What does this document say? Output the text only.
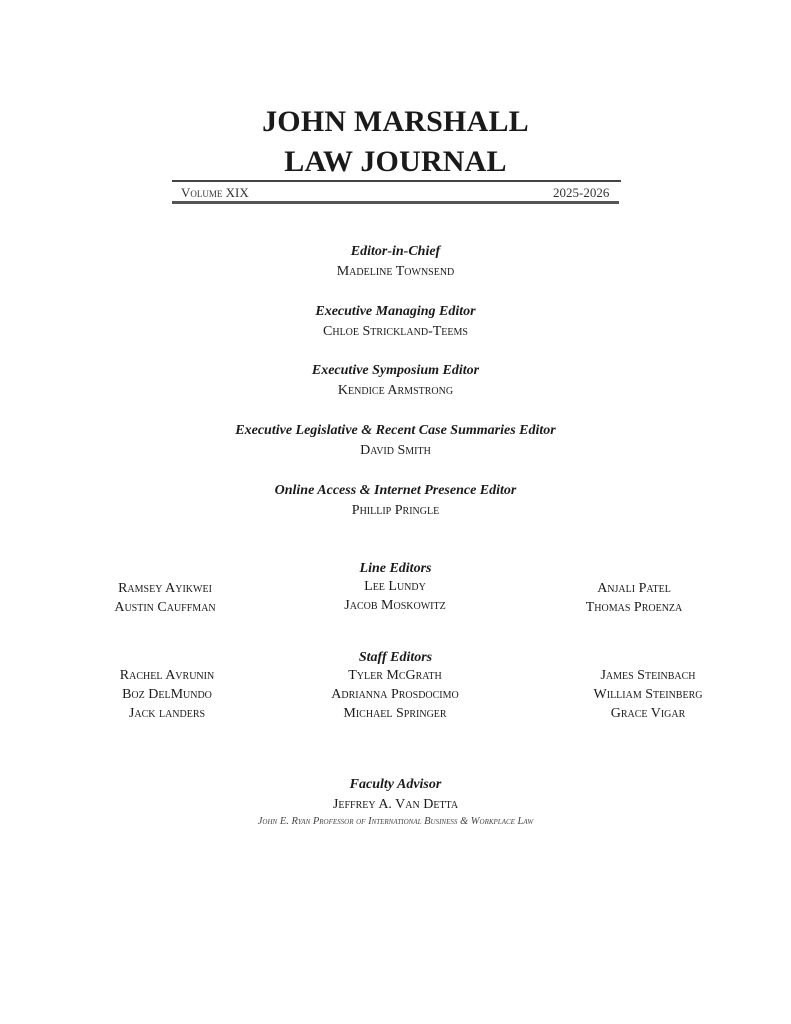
JOHN MARSHALL
LAW JOURNAL
Volume XIX	2025-2026
Editor-in-Chief
Madeline Townsend
Executive Managing Editor
Chloe Strickland-Teems
Executive Symposium Editor
Kendice Armstrong
Executive Legislative & Recent Case Summaries Editor
David Smith
Online Access & Internet Presence Editor
Phillip Pringle
Line Editors
Ramsey Ayikwei
Austin Cauffman
Lee Lundy
Jacob Moskowitz
Anjali Patel
Thomas Proenza
Staff Editors
Rachel Avrunin
Boz DelMundo
Jack landers
Tyler McGrath
Adrianna Prosdocimo
Michael Springer
James Steinbach
William Steinberg
Grace Vigar
Faculty Advisor
Jeffrey A. Van Detta
John E. Ryan Professor of International Business & Workplace Law
